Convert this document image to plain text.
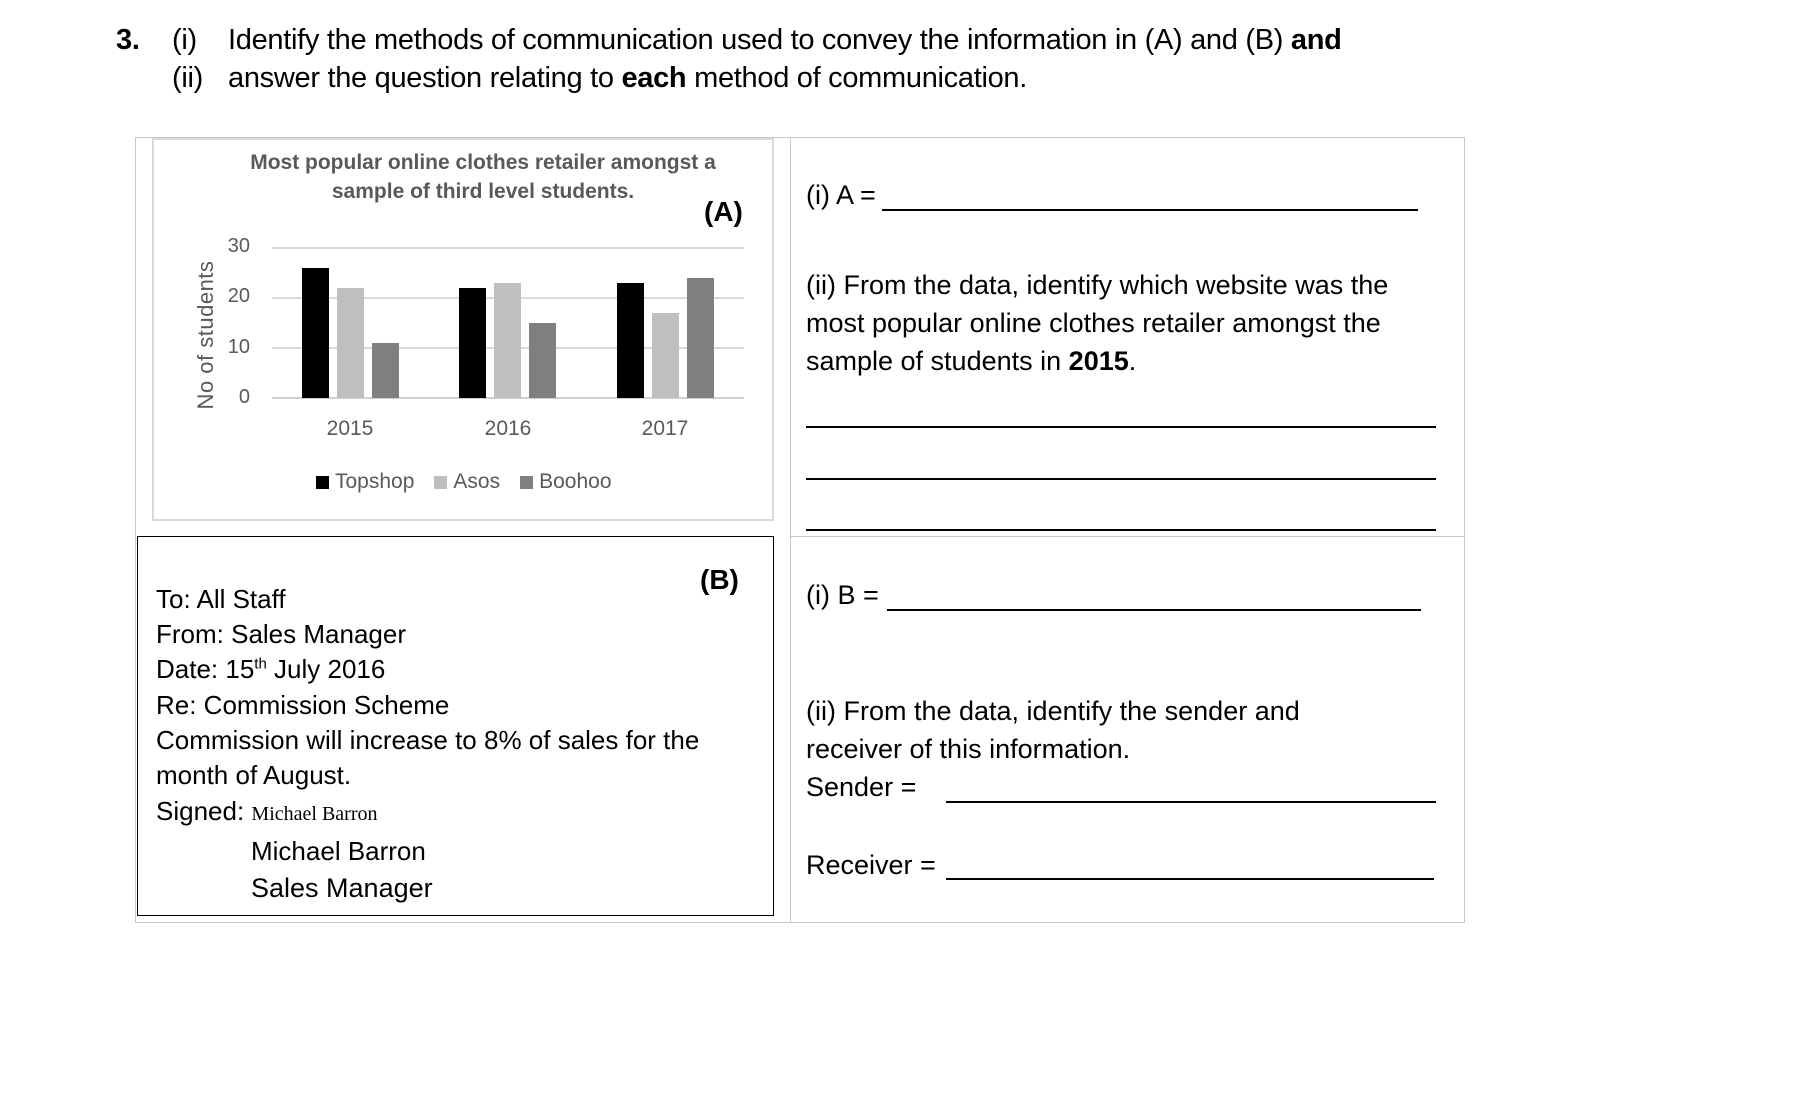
3. (i) Identify the methods of communication used to convey the information in (A) and (B) and
(ii) answer the question relating to each method of communication.
Most popular online clothes retailer amongst a
sample of third level students.
(A)
No of students
30
20
10
0
2015	2016	2017
Topshop Asos Boohoo
(i) A =
(ii) From the data, identify which website was the
most popular online clothes retailer amongst the
sample of students in 2015.
(B)
To: All Staff
From: Sales Manager
Date: 15th July 2016
Re: Commission Scheme
Commission will increase to 8% of sales for the
month of August.
Signed: Michael Barron
Michael Barron
Sales Manager
(i) B =
(ii) From the data, identify the sender and
receiver of this information.
Sender =
Receiver =
